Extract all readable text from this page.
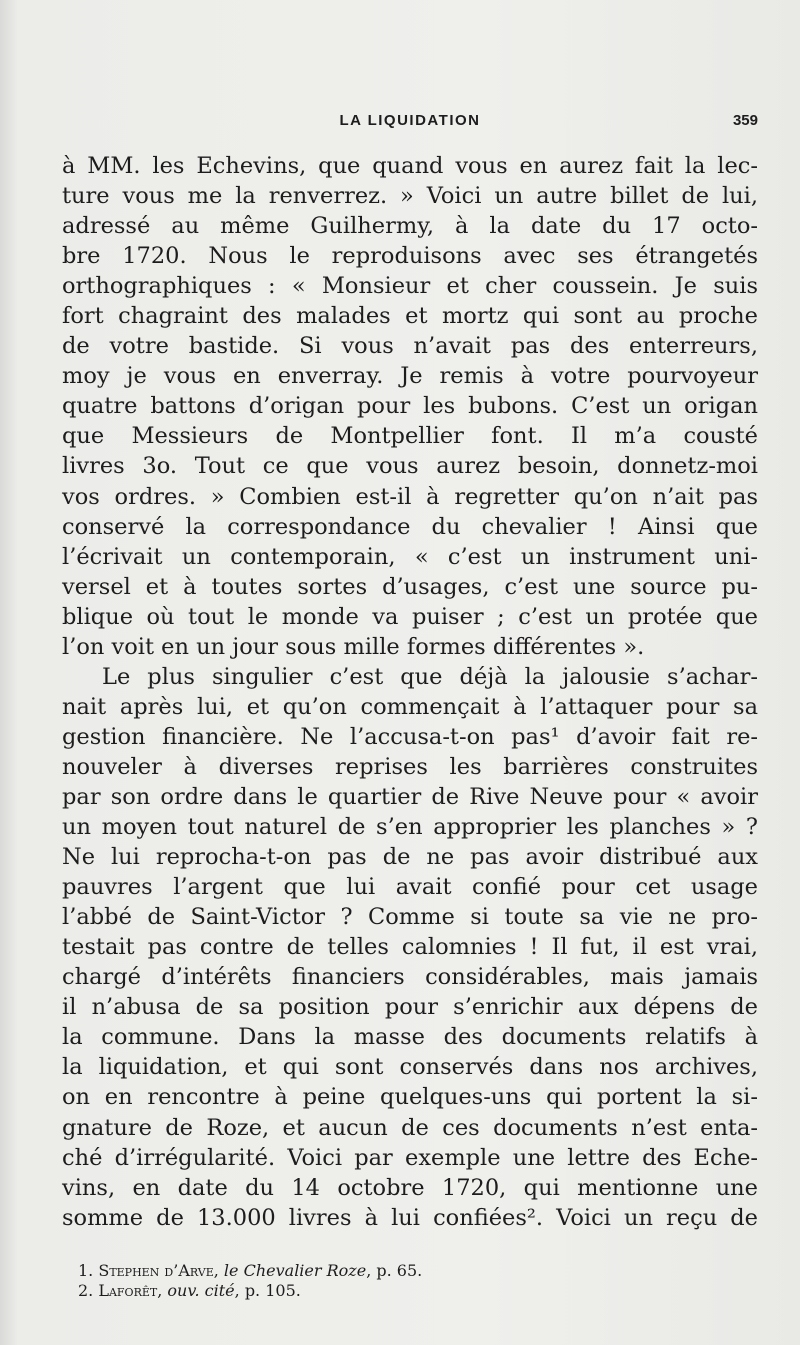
LA LIQUIDATION	359
à MM. les Echevins, que quand vous en aurez fait la lec-
ture vous me la renverrez. » Voici un autre billet de lui,
adressé au même Guilhermy, à la date du 17 octo-
bre 1720. Nous le reproduisons avec ses étrangetés
orthographiques : « Monsieur et cher coussein. Je suis
fort chagraint des malades et mortz qui sont au proche
de votre bastide. Si vous n’avait pas des enterreurs,
moy je vous en enverray. Je remis à votre pourvoyeur
quatre battons d’origan pour les bubons. C’est un origan
que Messieurs de Montpellier font. Il m’a cousté
livres 3o. Tout ce que vous aurez besoin, donnetz-moi
vos ordres. » Combien est-il à regretter qu’on n’ait pas
conservé la correspondance du chevalier ! Ainsi que
l’écrivait un contemporain, « c’est un instrument uni-
versel et à toutes sortes d’usages, c’est une source pu-
blique où tout le monde va puiser ; c’est un protée que
l’on voit en un jour sous mille formes différentes ».
Le plus singulier c’est que déjà la jalousie s’achar-
nait après lui, et qu’on commençait à l’attaquer pour sa
gestion financière. Ne l’accusa-t-on pas¹ d’avoir fait re-
nouveler à diverses reprises les barrières construites
par son ordre dans le quartier de Rive Neuve pour « avoir
un moyen tout naturel de s’en approprier les planches » ?
Ne lui reprocha-t-on pas de ne pas avoir distribué aux
pauvres l’argent que lui avait confié pour cet usage
l’abbé de Saint-Victor ? Comme si toute sa vie ne pro-
testait pas contre de telles calomnies ! Il fut, il est vrai,
chargé d’intérêts financiers considérables, mais jamais
il n’abusa de sa position pour s’enrichir aux dépens de
la commune. Dans la masse des documents relatifs à
la liquidation, et qui sont conservés dans nos archives,
on en rencontre à peine quelques-uns qui portent la si-
gnature de Roze, et aucun de ces documents n’est enta-
ché d’irrégularité. Voici par exemple une lettre des Eche-
vins, en date du 14 octobre 1720, qui mentionne une
somme de 13.000 livres à lui confiées². Voici un reçu de
1. Stephen d’Arve, le Chevalier Roze, p. 65.
2. Laforêt, ouv. cité, p. 105.
